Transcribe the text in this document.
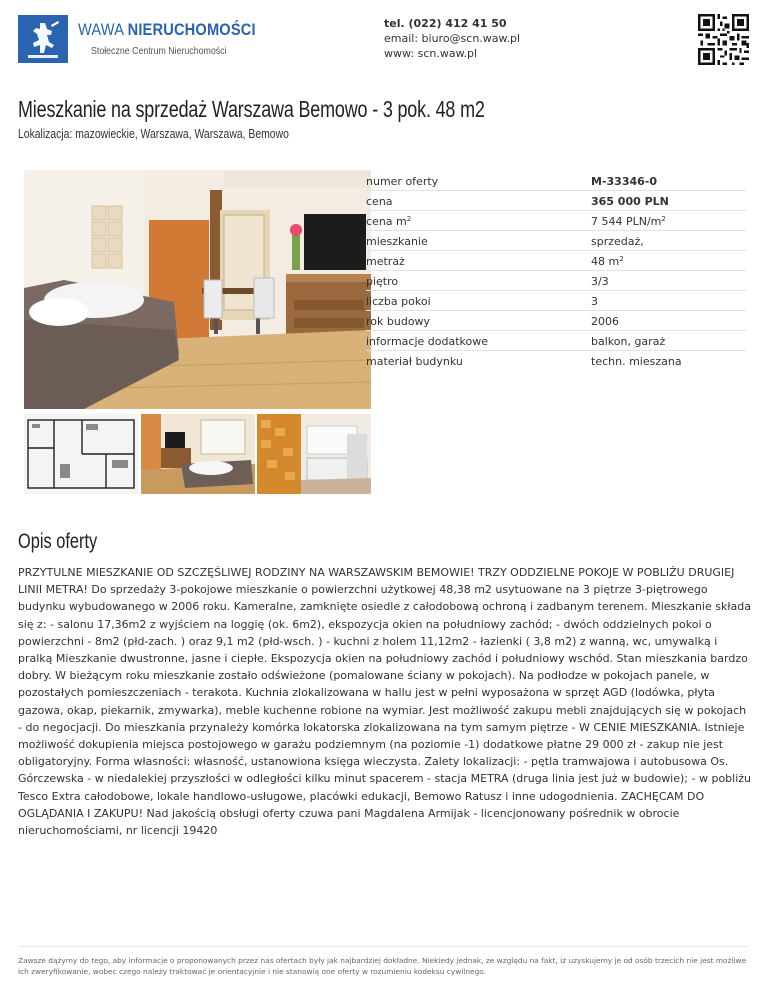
WAWA NIERUCHOMOŚCI
Stołeczne Centrum Nieruchomości
tel. (022) 412 41 50
email: biuro@scn.waw.pl
www: scn.waw.pl
Mieszkanie na sprzedaż Warszawa Bemowo - 3 pok. 48 m2
Lokalizacja: mazowieckie, Warszawa, Warszawa, Bemowo
numer oferty	M-33346-0
cena	365 000 PLN
cena $m^2$	7 544 PLN/$m^2$
mieszkanie	sprzedaż,
metraż	48 $m^2$
piętro	3/3
liczba pokoi	3
rok budowy	2006
informacje dodatkowe	balkon, garaż
materiał budynku	techn. mieszana
Opis oferty
PRZYTULNE MIESZKANIE OD SZCZĘŚLIWEJ RODZINY NA WARSZAWSKIM BEMOWIE! TRZY ODDZIELNE POKOJE W POBLIŻU DRUGIEJ LINII METRA! Do sprzedaży 3-pokojowe mieszkanie o powierzchni użytkowej 48,38 m2 usytuowane na 3 piętrze 3-piętrowego budynku wybudowanego w 2006 roku. Kameralne, zamknięte osiedle z całodobową ochroną i zadbanym terenem. Mieszkanie składa się z: - salonu 17,36m2 z wyjściem na loggię (ok. 6m2), ekspozycja okien na południowy zachód; - dwóch oddzielnych pokoi o powierzchni - 8m2 (płd-zach. ) oraz 9,1 m2 (płd-wsch. ) - kuchni z holem 11,12m2 - łazienki ( 3,8 m2) z wanną, wc, umywalką i pralką Mieszkanie dwustronne, jasne i ciepłe. Ekspozycja okien na południowy zachód i południowy wschód. Stan mieszkania bardzo dobry. W bieżącym roku mieszkanie zostało odświeżone (pomalowane ściany w pokojach). Na podłodze w pokojach panele, w pozostałych pomieszczeniach - terakota. Kuchnia zlokalizowana w hallu jest w pełni wyposażona w sprzęt AGD (lodówka, płyta gazowa, okap, piekarnik, zmywarka), meble kuchenne robione na wymiar. Jest możliwość zakupu mebli znajdujących się w pokojach - do negocjacji. Do mieszkania przynależy komórka lokatorska zlokalizowana na tym samym piętrze - W CENIE MIESZKANIA. Istnieje możliwość dokupienia miejsca postojowego w garażu podziemnym (na poziomie -1) dodatkowe płatne 29 000 zł - zakup nie jest obligatoryjny. Forma własności: własność, ustanowiona księga wieczysta. Zalety lokalizacji: - pętla tramwajowa i autobusowa Os. Górczewska - w niedalekiej przyszłości w odległości kilku minut spacerem - stacja METRA (druga linia jest już w budowie); - w pobliżu Tesco Extra całodobowe, lokale handlowo-usługowe, placówki edukacji, Bemowo Ratusz i inne udogodnienia. ZACHĘCAM DO OGLĄDANIA I ZAKUPU! Nad jakością obsługi oferty czuwa pani Magdalena Armijak - licencjonowany pośrednik w obrocie nieruchomościami, nr licencji 19420
Zawsze dążymy do tego, aby informacje o proponowanych przez nas ofertach były jak najbardziej dokładne. Niekiedy jednak, ze względu na fakt, iż uzyskujemy je od osób trzecich nie jest możliwe ich zweryfikowanie, wobec czego należy traktować je orientacyjnie i nie stanowią one oferty w rozumieniu kodeksu cywilnego.
